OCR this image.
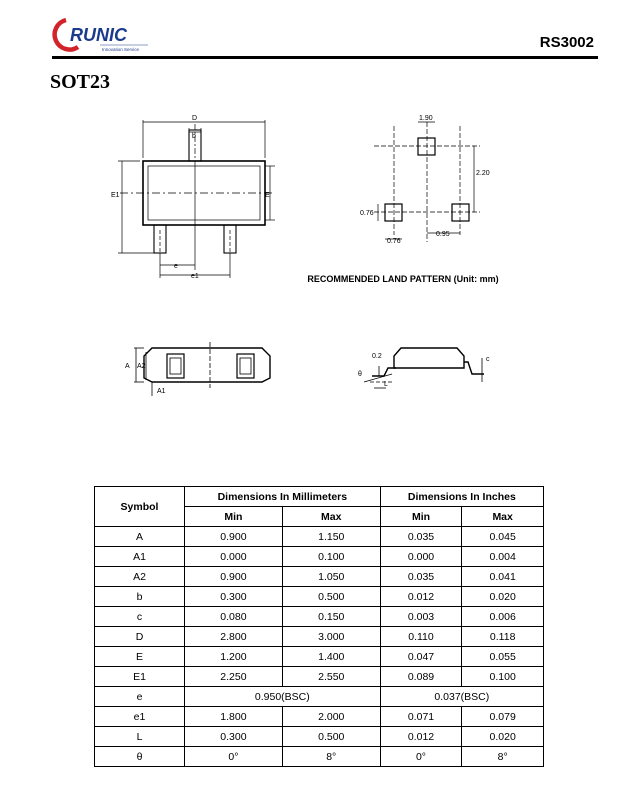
RUNIC
Innovation Service	RS3002
SOT23
D
b
E1	E
e
e1
1.90
2.20
0.76
0.76
0.95
RECOMMENDED LAND PATTERN (Unit: mm)
A A2
A1
0.2
θ
L
c
Symbol	Dimensions In Millimeters		Dimensions In Inches	
	Min	Max	Min	Max
A	0.900	1.150	0.035	0.045
A1	0.000	0.100	0.000	0.004
A2	0.900	1.050	0.035	0.041
b	0.300	0.500	0.012	0.020
c	0.080	0.150	0.003	0.006
D	2.800	3.000	0.110	0.118
E	1.200	1.400	0.047	0.055
E1	2.250	2.550	0.089	0.100
e	0.950(BSC)		0.037(BSC)	
e1	1.800	2.000	0.071	0.079
L	0.300	0.500	0.012	0.020
θ	0°	8°	0°	8°
